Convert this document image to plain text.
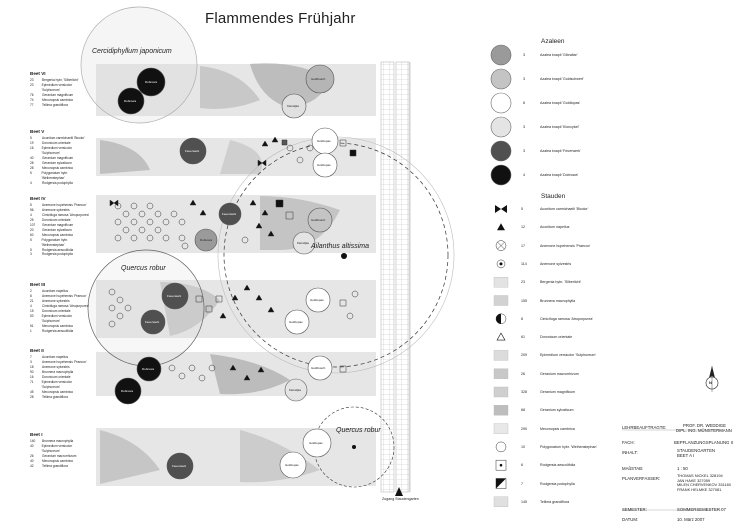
Flammendes Frühjahr
Cercidiphyllum japonicum
Ailanthus altissima
Quercus robur
Quercus robur
Dobrowa
Dobrowa
Goldbusch
Kleindjke
Feuerwerk
Goldtopas
Goldtopas
Feuerwerk
Dobrowa
Goldbusch
Kleindjke
Feuerwerk
Feuerwerk
Goldtopas
Goldtopas
Dobrowa
Dobrowa
Goldbusch
Kleindjke
Goldtopas
Goldtopas
Feuerwerk
Zugang Staudengarten
N
Beet VI
23	Bergenia hybr. 'Silberlicht'
23	Epimedium versicolor 'Sulphureum'
76	Geranium magnificum
74	Meconopsis cambrica
77	Tellima grandiflora
Beet V
5	Aconitum carmichaelii 'Bicolor'
19	Doronicum orientale
16	Epimedium versicolor 'Sulphureum'
40	Geranium magnificum
28	Geranium sylvaticum
28	Meconopsis cambrica
5	Polygonatum hybr. 'Weihenstephan'
4	Rodgersia podophylla
Beet IV
5	Anemone hupehensis 'Praecox'
56	Anemone sylvestris
4	Cimicifuga ramosa 'Atropurpurea'
25	Doronicum orientale
107	Geranium magnificum
20	Geranium sylvaticum
60	Meconopsis cambrica
5	Polygonatum hybr. 'Weihenstephan'
5	Rodgersia aesculifolia
3	Rodgersia podophylla
Beet III
2	Aconitum napellus
8	Anemone hupehensis 'Praecox'
21	Anemone sylvestris
4	Cimicifuga ramosa 'Atropurpurea'
15	Doronicum orientale
53	Epimedium versicolor 'Sulphureum'
51	Meconopsis cambrica
1	Rodgersia aesculifolia
Beet II
7	Aconitum napellus
3	Anemone hupehensis 'Praecox'
18	Anemone sylvestris
90	Brunnera macrophylla
16	Doronicum orientale
71	Epimedium versicolor 'Sulphureum'
45	Meconopsis cambrica
28	Tellima grandiflora
Beet I
140	Brunnera macrophylla
40	Epimedium versicolor 'Sulphureum'
26	Geranium macrorrhizum
40	Meconopsis cambrica
42	Tellima grandiflora
Azaleen
Stauden
3	Azalea knapii 'Gibraltar'
3	Azalea knapii 'Goldschwert'
6	Azalea knapii 'Goldtopas'
3	Azalea knapii 'Kloncykel'
3	Azalea knapii 'Feuerwerk'
4	Azalea knapii 'Dobrowa'
5	Aconitum carmichaelii 'Bicolor'
12	Aconitum napellus
17	Anemone hupehensis 'Praecox'
114	Anemone sylvestris
23	Bergenia hybr. 'Silberlicht'
155	Brunnera macrophylla
8	Cimicifuga ramosa 'Atropurpurea'
61	Doronicum orientale
209	Epimedium versicolor 'Sulphureum'
26	Geranium macrorrhizum
328	Geranium magnificum
68	Geranium sylvaticum
290	Meconopsis cambrica
10	Polygonatum hybr. 'Weihenstephan'
6	Rodgersia aesculifolia
7	Rodgersia podophylla
145	Tellima grandiflora
LEHRBEAUFTRAGTE:	PROF. DR. WEDDIGE
DIPL. ING. MÜNSTERMANN
FACH:	BEPFLANZUNGSPLANUNG II
INHALT:	STAUDENGARTEN
BEET A I
MAßSTAB:	1 : 50
PLANVERFASSER:
THOMAS NICKEL 328194
JAN HAKE 327059
MILEN CHERVENKOV 331160
FRANK HELMKE 327081
SEMESTER:	SOMMERSEMESTER 07
DATUM:	10. März 2007
